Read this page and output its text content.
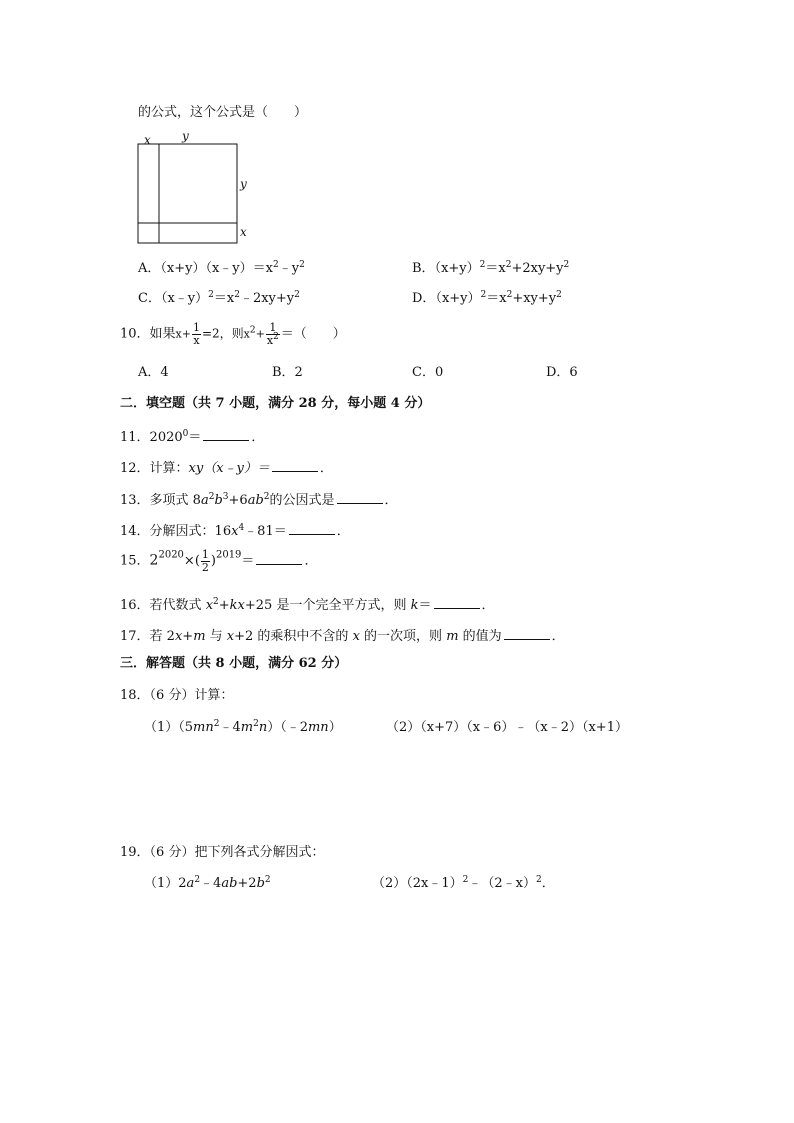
的公式，这个公式是（　　）
x	y
y
x
A．$(x+y)(x﹣y)=x^2﹣y^2$	B．$(x+y)^2=x^2+2xy+y^2$
C．$(x﹣y)^2=x^2﹣2xy+y^2$	D．$(x+y)^2=x^2+xy+y^2$
10．如果$x+ \frac{1}{x} =2$，则$x^2+ \frac{1}{x^2}$ ＝（　　）
A．4	B．2	C．0	D．6
二．填空题（共 7 小题，满分 28 分，每小题 4 分）
11．$2020^0=$	．
12．计算：xy（x﹣y）＝	．
13．多项式 $8a^2b^3+6ab^2$的公因式是	．
14．分解因式：$16x^4﹣81=$	．
15．$2^{2020}\times( \frac{1}{2} )^{2019}=$	．
16．若代数式 $x^2+kx+25$ 是一个完全平方式，则 k＝	．
17．若 2x+m 与 x+2 的乘积中不含的 x 的一次项，则 m 的值为	．
三．解答题（共 8 小题，满分 62 分）
18．（6 分）计算：
$(1)(5mn^2﹣4m^2n)(﹣2mn)$	（2）（x+7）（x﹣6）﹣（x﹣2）（x+1）
19．（6 分）把下列各式分解因式：
$(1)2a^2﹣4ab+2b^2$	（2）（2x﹣1）$^2$﹣（2﹣x）$^2$．
